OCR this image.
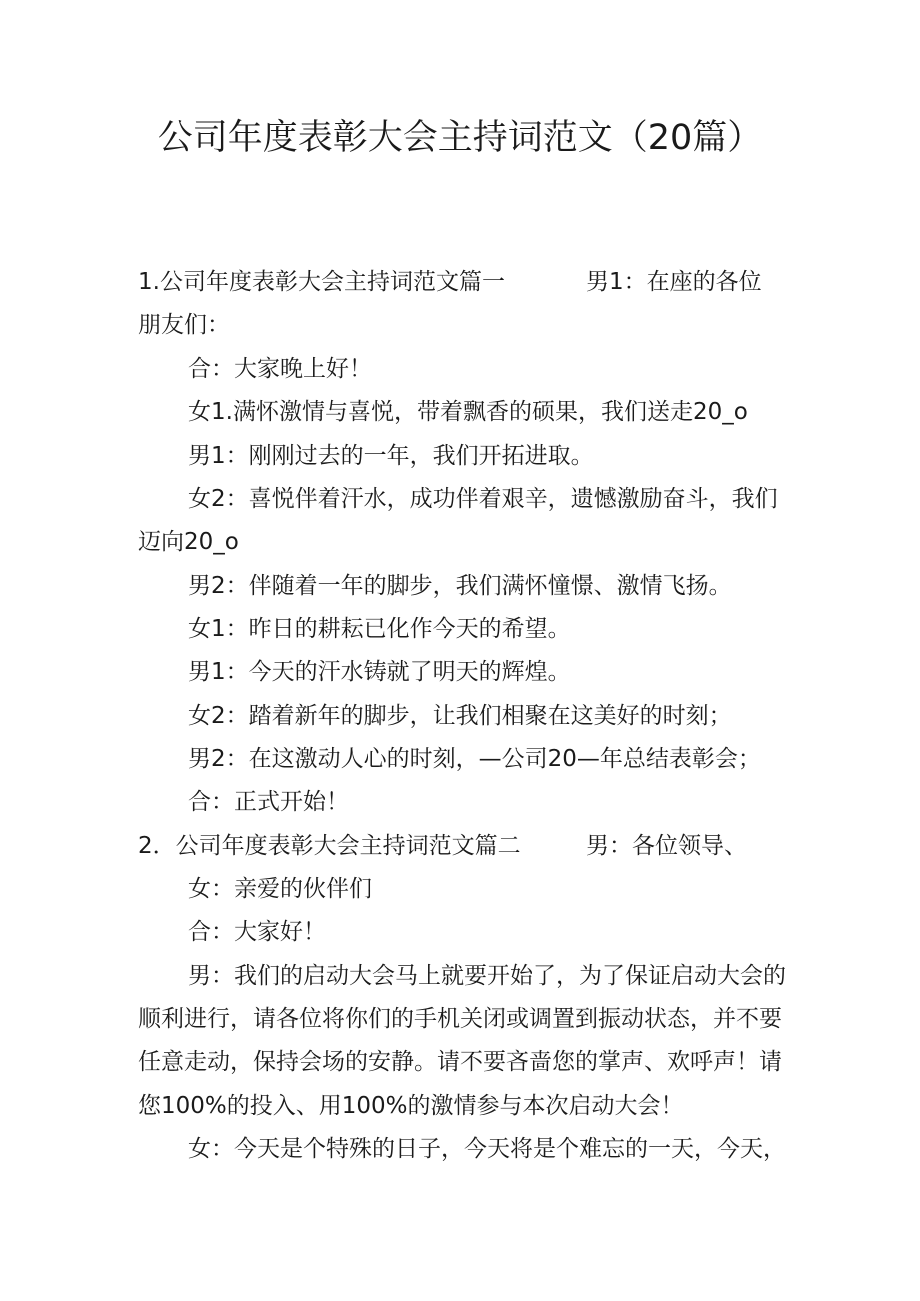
公司年度表彰大会主持词范文（20篇）
1.公司年度表彰大会主持词范文篇一	男1：在座的各位
朋友们：
合：大家晚上好！
女1.满怀激情与喜悦，带着飘香的硕果，我们送走20_o
男1：刚刚过去的一年，我们开拓进取。
女2：喜悦伴着汗水，成功伴着艰辛，遗憾激励奋斗，我们
迈向20_o
男2：伴随着一年的脚步，我们满怀憧憬、激情飞扬。
女1：昨日的耕耘已化作今天的希望。
男1：今天的汗水铸就了明天的辉煌。
女2：踏着新年的脚步，让我们相聚在这美好的时刻；
男2：在这激动人心的时刻，—公司20—年总结表彰会；
合：正式开始！
2．公司年度表彰大会主持词范文篇二	男：各位领导、
女：亲爱的伙伴们
合：大家好！
男：我们的启动大会马上就要开始了，为了保证启动大会的
顺利进行，请各位将你们的手机关闭或调置到振动状态，并不要
任意走动，保持会场的安静。请不要吝啬您的掌声、欢呼声！请
您100%的投入、用100%的激情参与本次启动大会！
女：今天是个特殊的日子，今天将是个难忘的一天，今天，
